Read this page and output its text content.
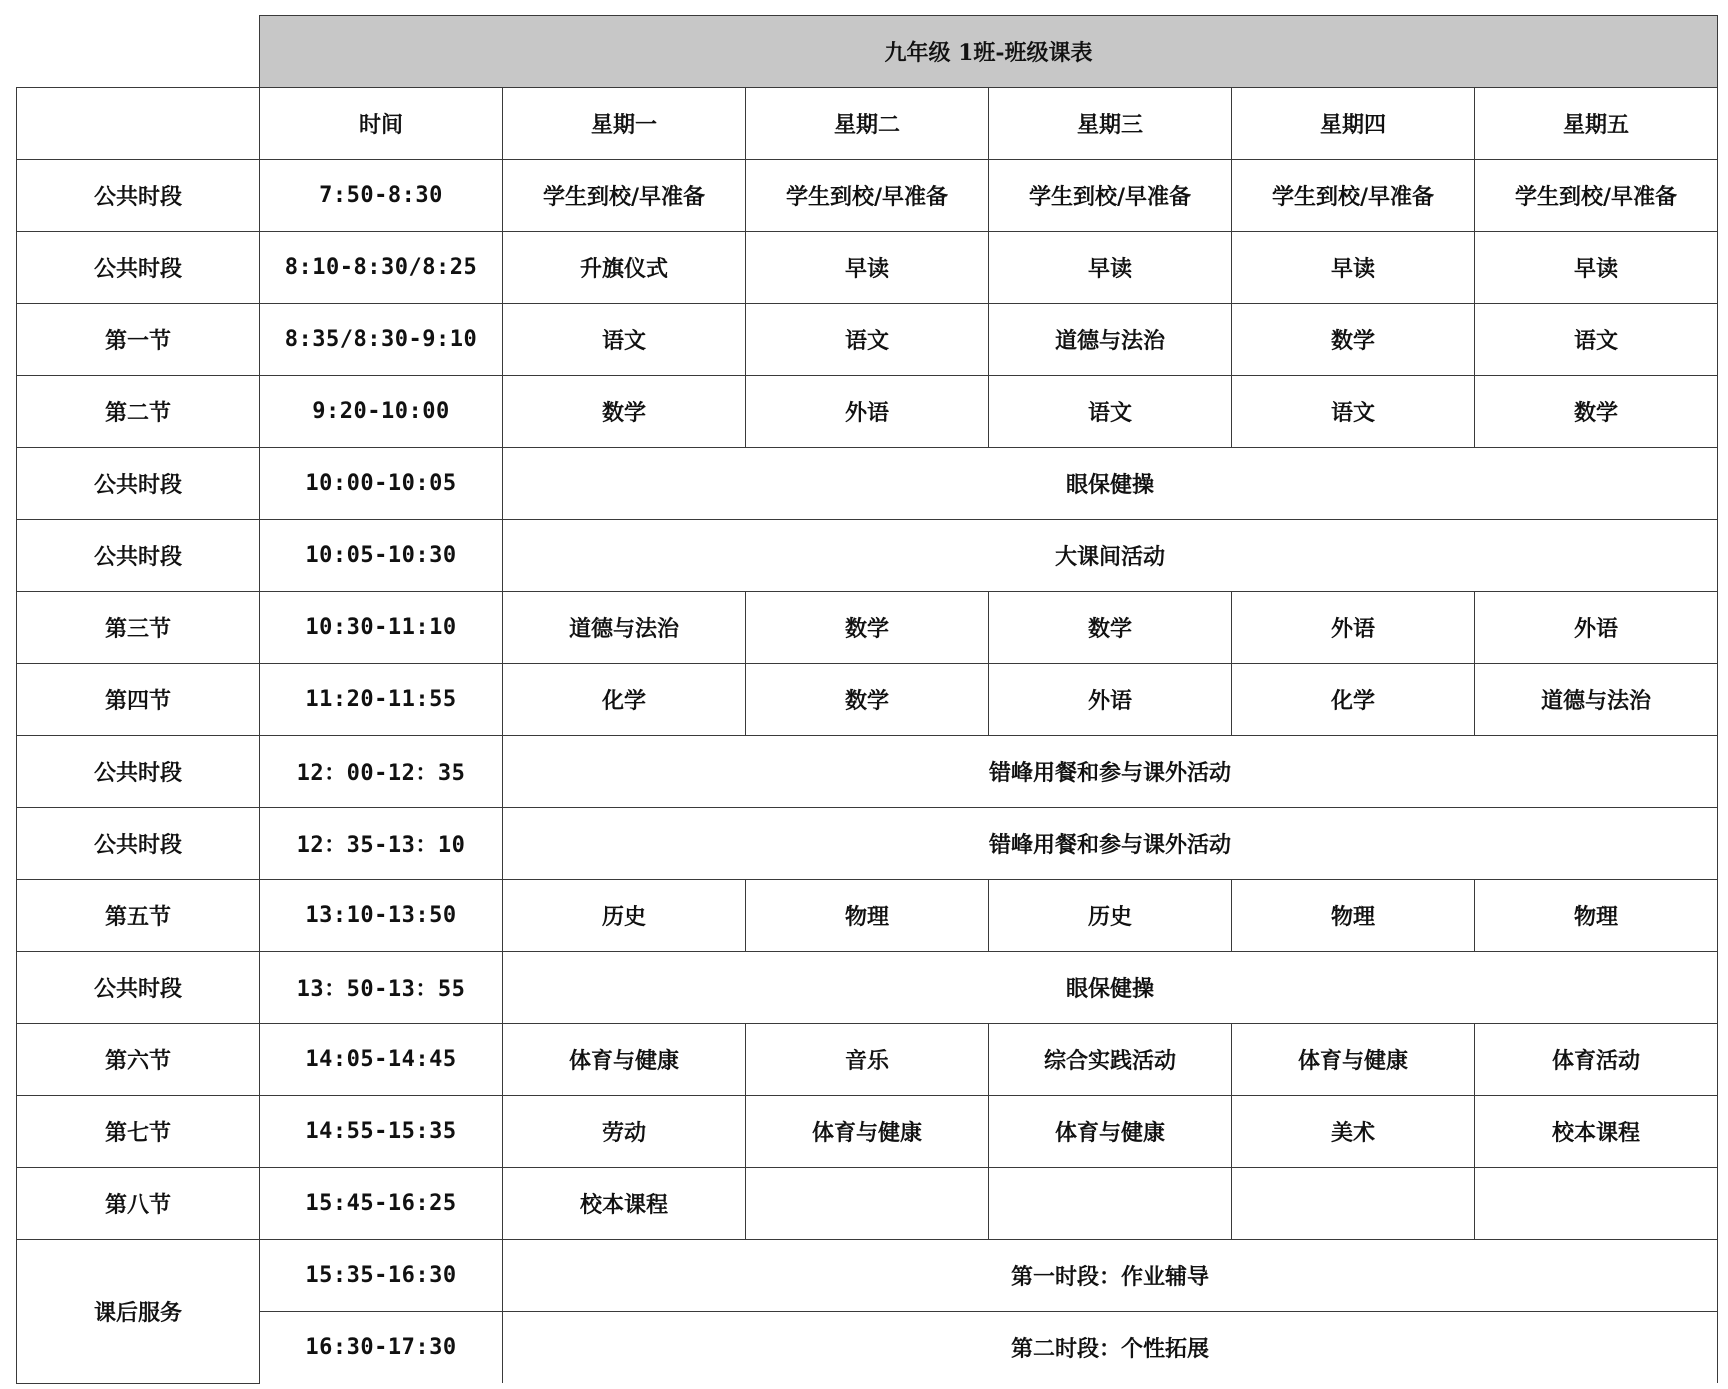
	九年级 1班-班级课表					
	时间	星期一	星期二	星期三	星期四	星期五
公共时段	7:50-8:30	学生到校/早准备	学生到校/早准备	学生到校/早准备	学生到校/早准备	学生到校/早准备
公共时段	8:10-8:30/8:25	升旗仪式	早读	早读	早读	早读
第一节	8:35/8:30-9:10	语文	语文	道德与法治	数学	语文
第二节	9:20-10:00	数学	外语	语文	语文	数学
公共时段	10:00-10:05	眼保健操				
公共时段	10:05-10:30	大课间活动				
第三节	10:30-11:10	道德与法治	数学	数学	外语	外语
第四节	11:20-11:55	化学	数学	外语	化学	道德与法治
公共时段	12：00-12：35	错峰用餐和参与课外活动				
公共时段	12：35-13：10	错峰用餐和参与课外活动				
第五节	13:10-13:50	历史	物理	历史	物理	物理
公共时段	13：50-13：55	眼保健操				
第六节	14:05-14:45	体育与健康	音乐	综合实践活动	体育与健康	体育活动
第七节	14:55-15:35	劳动	体育与健康	体育与健康	美术	校本课程
第八节	15:45-16:25	校本课程				
课后服务	15:35-16:30	第一时段：作业辅导				
	16:30-17:30	第二时段：个性拓展				
